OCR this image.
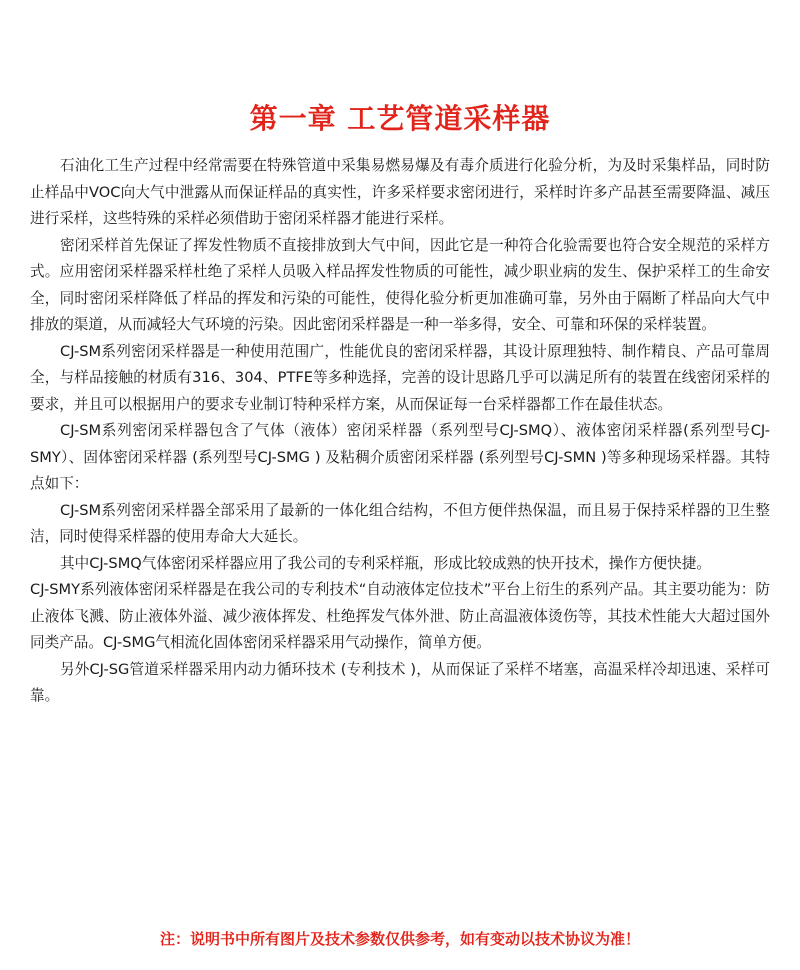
第一章 工艺管道采样器

石油化工生产过程中经常需要在特殊管道中采集易燃易爆及有毒介质进行化验分析，为及时采集样品，同时防止样品中VOC向大气中泄露从而保证样品的真实性，许多采样要求密闭进行，采样时许多产品甚至需要降温、减压进行采样，这些特殊的采样必须借助于密闭采样器才能进行采样。

密闭采样首先保证了挥发性物质不直接排放到大气中间，因此它是一种符合化验需要也符合安全规范的采样方式。应用密闭采样器采样杜绝了采样人员吸入样品挥发性物质的可能性，减少职业病的发生、保护采样工的生命安全，同时密闭采样降低了样品的挥发和污染的可能性，使得化验分析更加准确可靠，另外由于隔断了样品向大气中排放的渠道，从而减轻大气环境的污染。因此密闭采样器是一种一举多得，安全、可靠和环保的采样装置。

CJ-SM系列密闭采样器是一种使用范围广，性能优良的密闭采样器，其设计原理独特、制作精良、产品可靠周全，与样品接触的材质有316、304、PTFE等多种选择，完善的设计思路几乎可以满足所有的装置在线密闭采样的要求，并且可以根据用户的要求专业制订特种采样方案，从而保证每一台采样器都工作在最佳状态。

CJ-SM系列密闭采样器包含了气体（液体）密闭采样器（系列型号CJ-SMQ）、液体密闭采样器(系列型号CJ-SMY）、固体密闭采样器 (系列型号CJ-SMG ) 及粘稠介质密闭采样器 (系列型号CJ-SMN )等多种现场采样器。其特点如下：

CJ-SM系列密闭采样器全部采用了最新的一体化组合结构，不但方便伴热保温，而且易于保持采样器的卫生整洁，同时使得采样器的使用寿命大大延长。

其中CJ-SMQ气体密闭采样器应用了我公司的专利采样瓶，形成比较成熟的快开技术，操作方便快捷。

CJ-SMY系列液体密闭采样器是在我公司的专利技术“自动液体定位技术”平台上衍生的系列产品。其主要功能为：防止液体飞溅、防止液体外溢、减少液体挥发、杜绝挥发气体外泄、防止高温液体烫伤等，其技术性能大大超过国外同类产品。CJ-SMG气相流化固体密闭采样器采用气动操作，简单方便。

另外CJ-SG管道采样器采用内动力循环技术 (专利技术 )，从而保证了采样不堵塞，高温采样冷却迅速、采样可靠。

注：说明书中所有图片及技术参数仅供参考，如有变动以技术协议为准！
